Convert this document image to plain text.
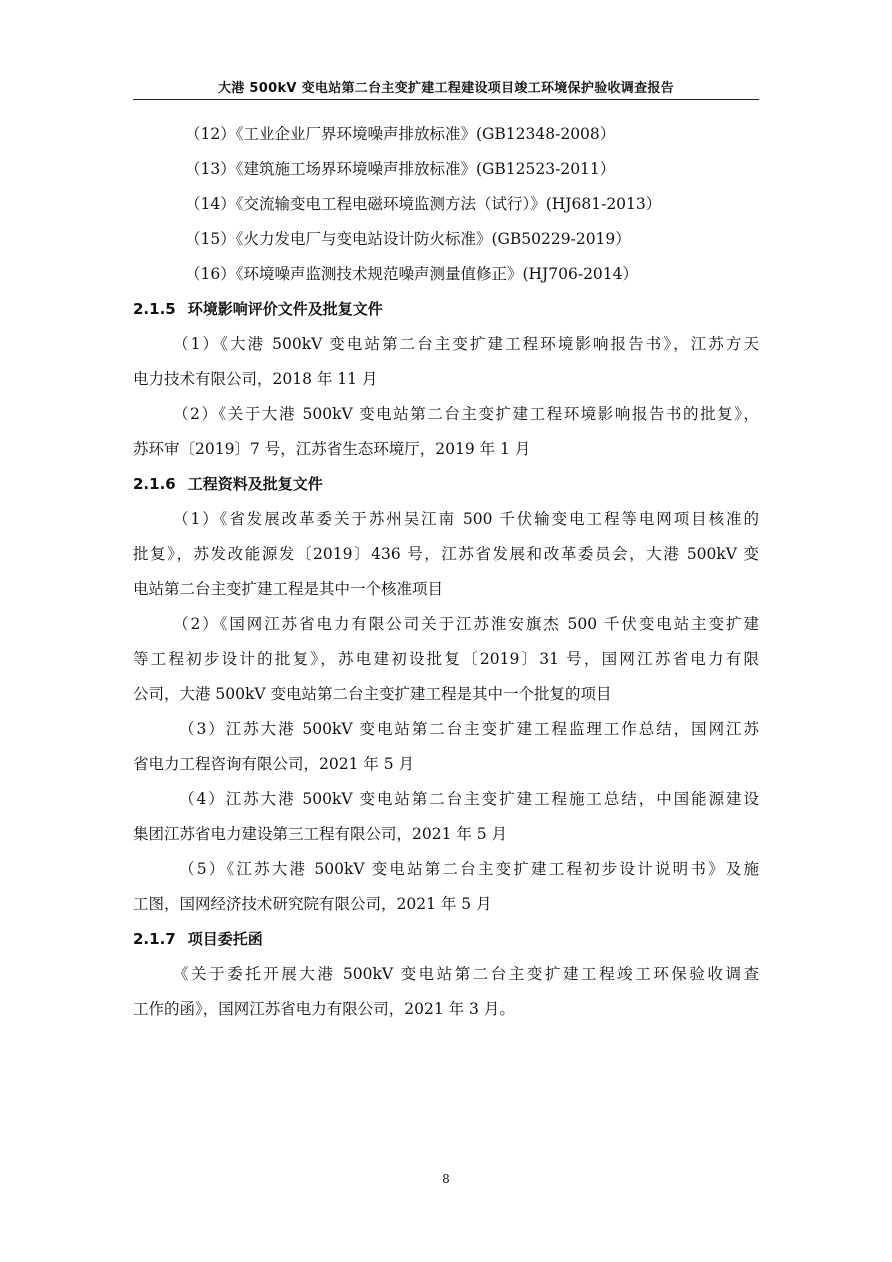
大港 500kV 变电站第二台主变扩建工程建设项目竣工环境保护验收调查报告
（12）《工业企业厂界环境噪声排放标准》(GB12348-2008）
（13）《建筑施工场界环境噪声排放标准》(GB12523-2011）
（14）《交流输变电工程电磁环境监测方法（试行）》(HJ681-2013）
（15）《火力发电厂与变电站设计防火标准》(GB50229-2019）
（16）《环境噪声监测技术规范噪声测量值修正》(HJ706-2014）
2.1.5 环境影响评价文件及批复文件
（1）《大港 500kV 变电站第二台主变扩建工程环境影响报告书》，江苏方天
电力技术有限公司，2018 年 11 月
（2）《关于大港 500kV 变电站第二台主变扩建工程环境影响报告书的批复》，
苏环审〔2019〕7 号，江苏省生态环境厅，2019 年 1 月
2.1.6 工程资料及批复文件
（1）《省发展改革委关于苏州吴江南 500 千伏输变电工程等电网项目核准的
批复》，苏发改能源发〔2019〕436 号，江苏省发展和改革委员会，大港 500kV 变
电站第二台主变扩建工程是其中一个核准项目
（2）《国网江苏省电力有限公司关于江苏淮安旗杰 500 千伏变电站主变扩建
等工程初步设计的批复》，苏电建初设批复〔2019〕31 号，国网江苏省电力有限
公司，大港 500kV 变电站第二台主变扩建工程是其中一个批复的项目
（3）江苏大港 500kV 变电站第二台主变扩建工程监理工作总结，国网江苏
省电力工程咨询有限公司，2021 年 5 月
（4）江苏大港 500kV 变电站第二台主变扩建工程施工总结，中国能源建设
集团江苏省电力建设第三工程有限公司，2021 年 5 月
（5）《江苏大港 500kV 变电站第二台主变扩建工程初步设计说明书》及施
工图，国网经济技术研究院有限公司，2021 年 5 月
2.1.7 项目委托函
《关于委托开展大港 500kV 变电站第二台主变扩建工程竣工环保验收调查
工作的函》，国网江苏省电力有限公司，2021 年 3 月。
8
